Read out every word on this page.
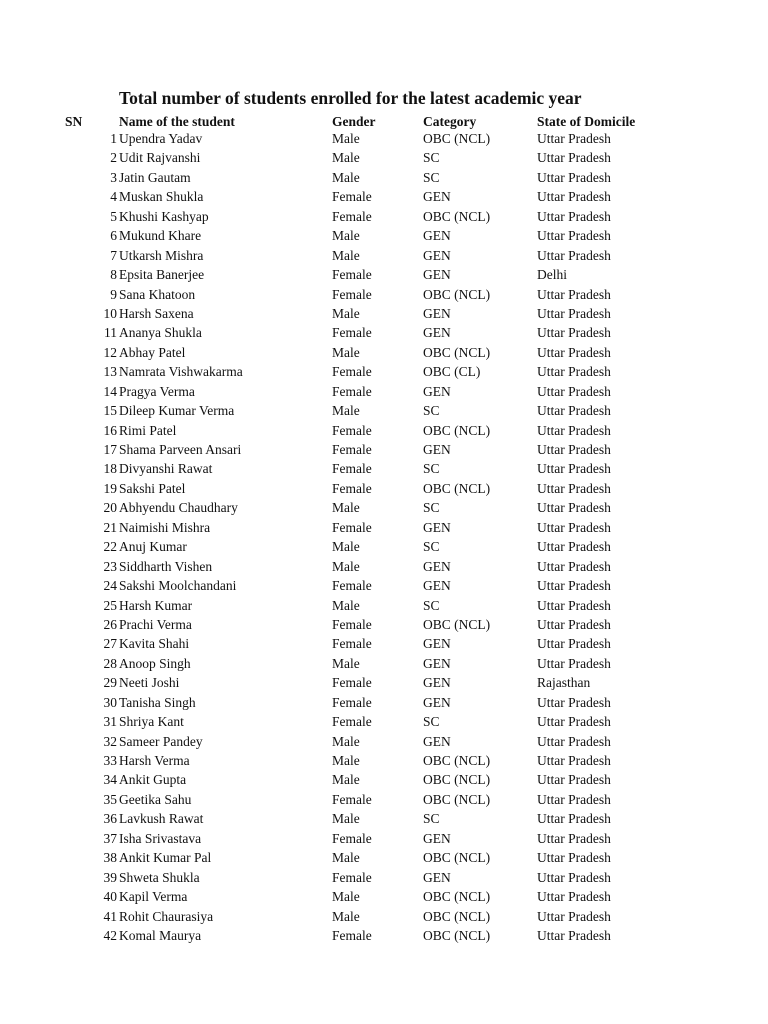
Total number of students enrolled for the latest academic year
SN	Name of the student	Gender	Category	State of Domicile
1 Upendra Yadav	Male	OBC (NCL)	Uttar Pradesh
2 Udit Rajvanshi	Male	SC	Uttar Pradesh
3 Jatin Gautam	Male	SC	Uttar Pradesh
4 Muskan Shukla	Female	GEN	Uttar Pradesh
5 Khushi Kashyap	Female	OBC (NCL)	Uttar Pradesh
6 Mukund Khare	Male	GEN	Uttar Pradesh
7 Utkarsh Mishra	Male	GEN	Uttar Pradesh
8 Epsita Banerjee	Female	GEN	Delhi
9 Sana Khatoon	Female	OBC (NCL)	Uttar Pradesh
10 Harsh Saxena	Male	GEN	Uttar Pradesh
11 Ananya Shukla	Female	GEN	Uttar Pradesh
12 Abhay Patel	Male	OBC (NCL)	Uttar Pradesh
13 Namrata Vishwakarma	Female	OBC (CL)	Uttar Pradesh
14 Pragya Verma	Female	GEN	Uttar Pradesh
15 Dileep Kumar Verma	Male	SC	Uttar Pradesh
16 Rimi Patel	Female	OBC (NCL)	Uttar Pradesh
17 Shama Parveen Ansari	Female	GEN	Uttar Pradesh
18 Divyanshi Rawat	Female	SC	Uttar Pradesh
19 Sakshi Patel	Female	OBC (NCL)	Uttar Pradesh
20 Abhyendu Chaudhary	Male	SC	Uttar Pradesh
21 Naimishi Mishra	Female	GEN	Uttar Pradesh
22 Anuj Kumar	Male	SC	Uttar Pradesh
23 Siddharth Vishen	Male	GEN	Uttar Pradesh
24 Sakshi Moolchandani	Female	GEN	Uttar Pradesh
25 Harsh Kumar	Male	SC	Uttar Pradesh
26 Prachi Verma	Female	OBC (NCL)	Uttar Pradesh
27 Kavita Shahi	Female	GEN	Uttar Pradesh
28 Anoop Singh	Male	GEN	Uttar Pradesh
29 Neeti Joshi	Female	GEN	Rajasthan
30 Tanisha Singh	Female	GEN	Uttar Pradesh
31 Shriya Kant	Female	SC	Uttar Pradesh
32 Sameer Pandey	Male	GEN	Uttar Pradesh
33 Harsh Verma	Male	OBC (NCL)	Uttar Pradesh
34 Ankit Gupta	Male	OBC (NCL)	Uttar Pradesh
35 Geetika Sahu	Female	OBC (NCL)	Uttar Pradesh
36 Lavkush Rawat	Male	SC	Uttar Pradesh
37 Isha Srivastava	Female	GEN	Uttar Pradesh
38 Ankit Kumar Pal	Male	OBC (NCL)	Uttar Pradesh
39 Shweta Shukla	Female	GEN	Uttar Pradesh
40 Kapil Verma	Male	OBC (NCL)	Uttar Pradesh
41 Rohit Chaurasiya	Male	OBC (NCL)	Uttar Pradesh
42 Komal Maurya	Female	OBC (NCL)	Uttar Pradesh
